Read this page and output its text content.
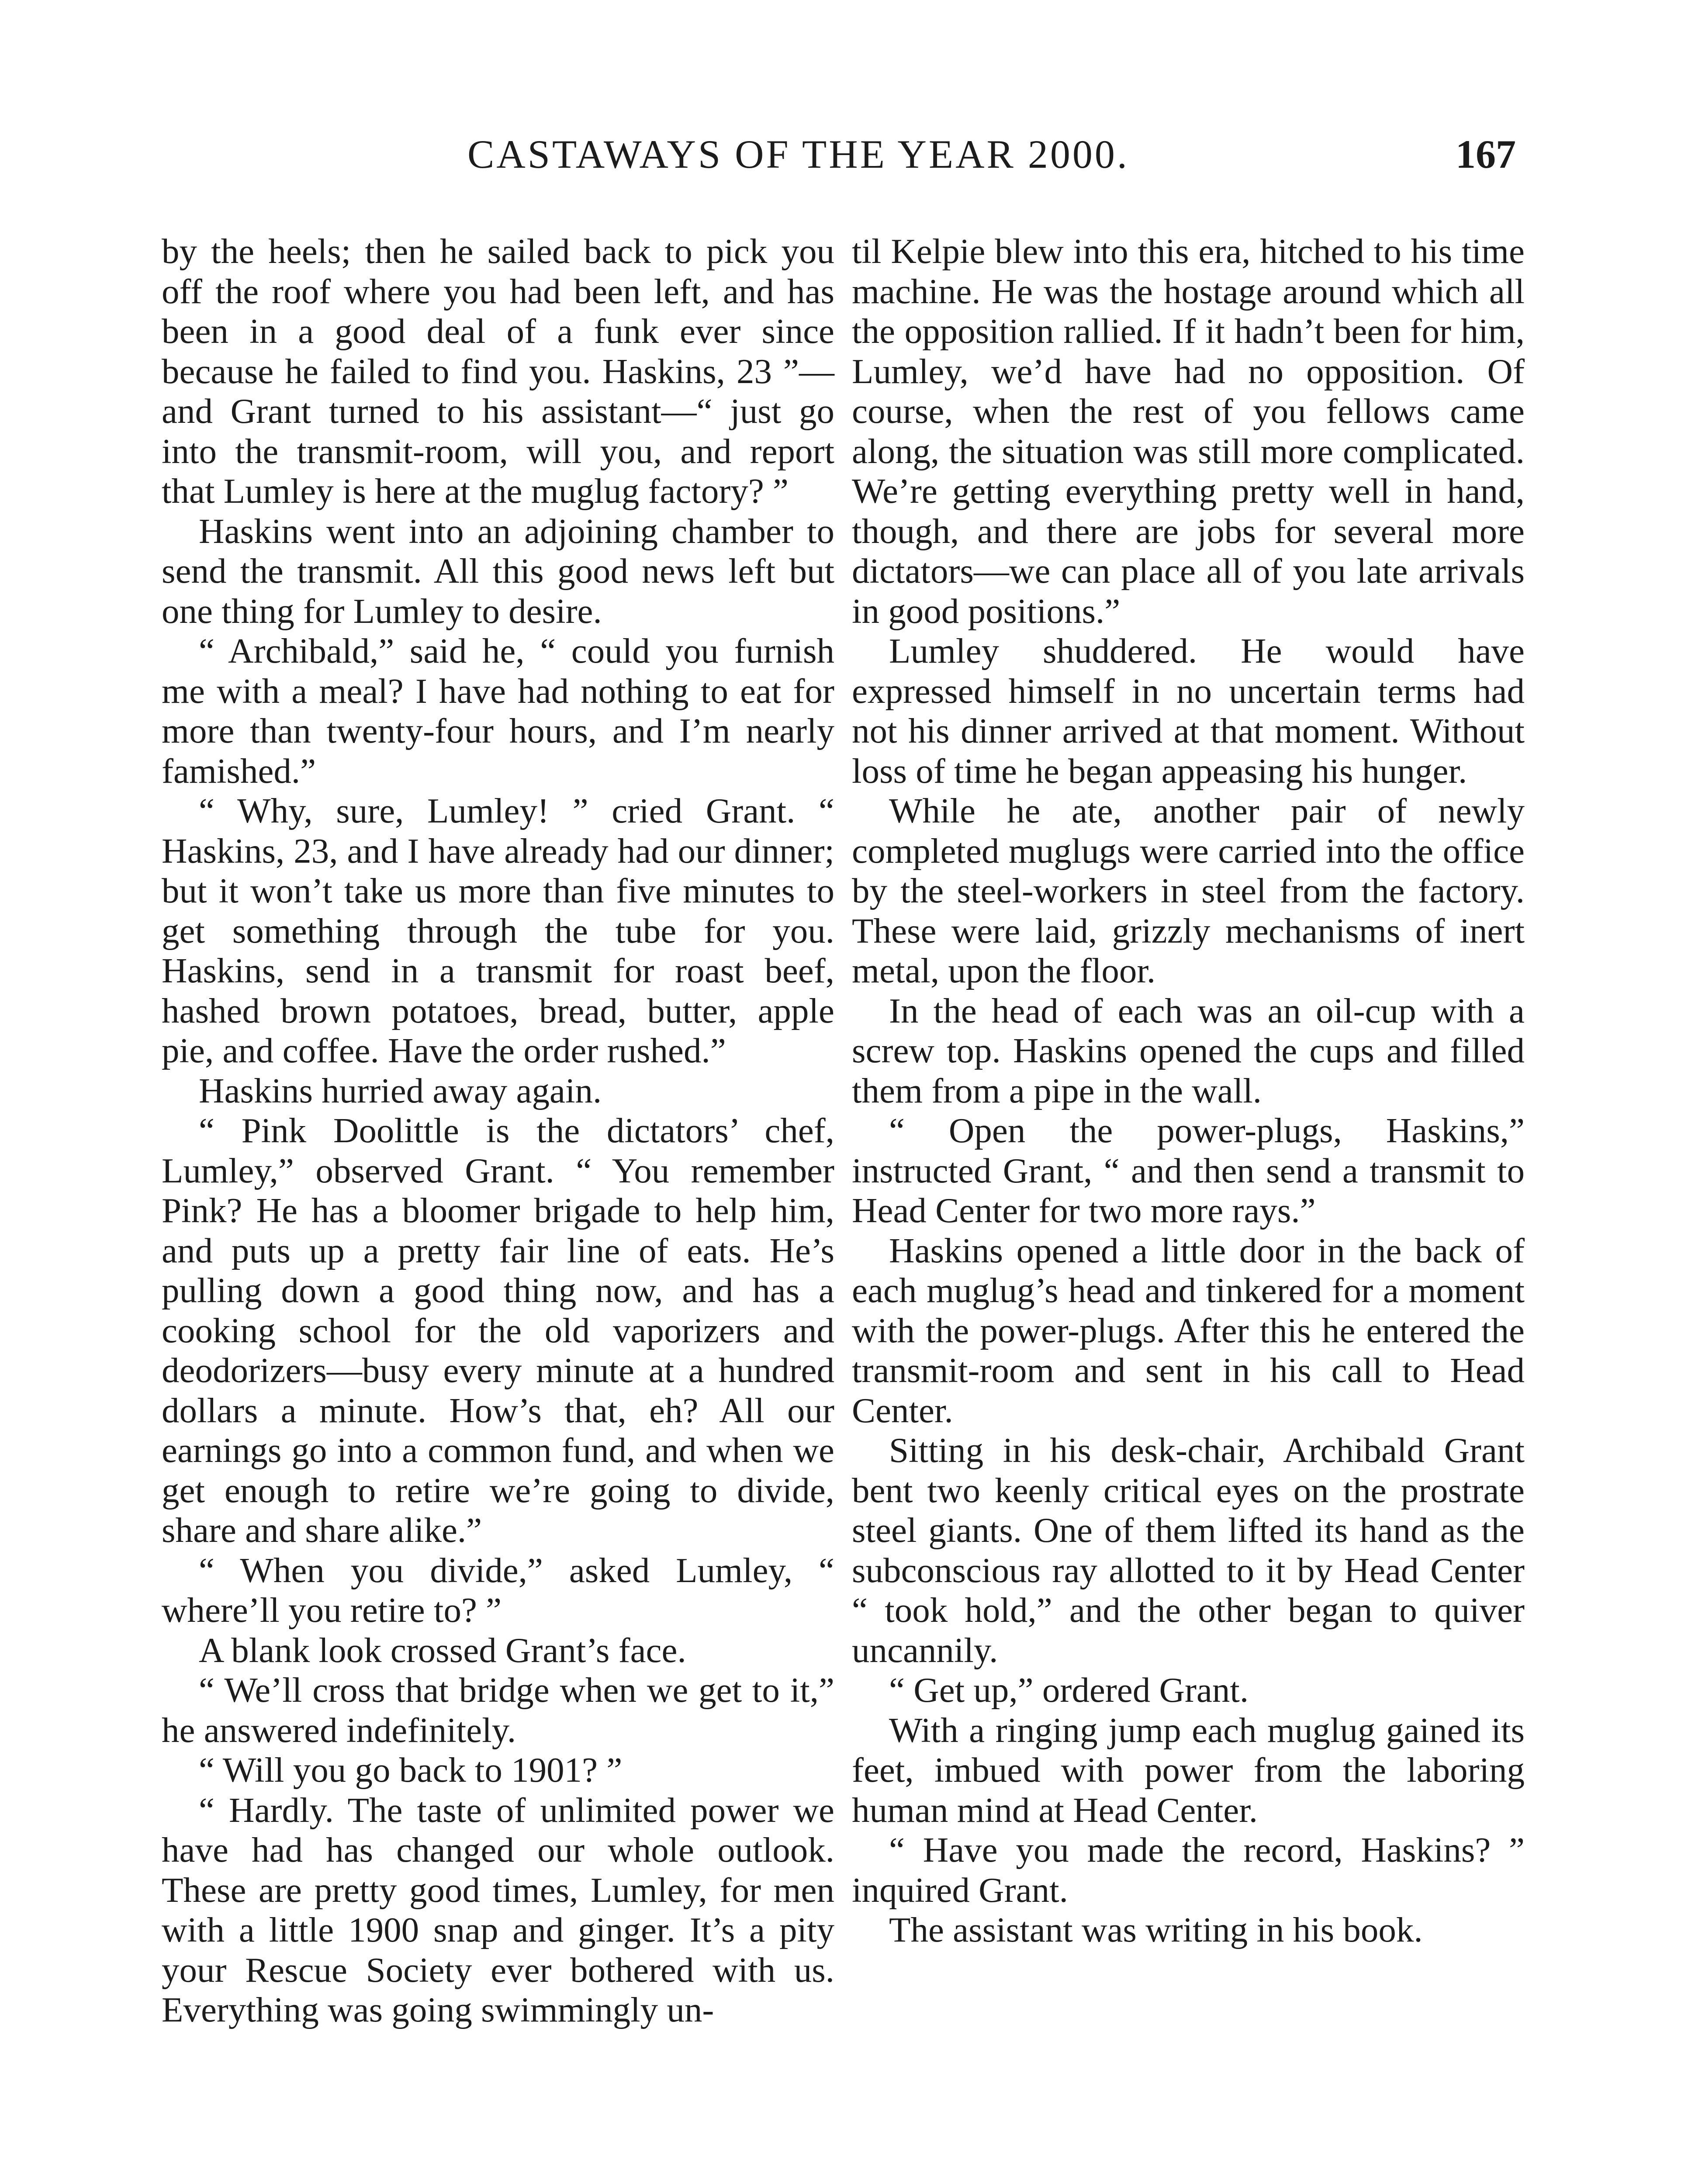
CASTAWAYS OF THE YEAR 2000.	167

by the heels; then he sailed back to pick you off the roof where you had been left, and has been in a good deal of a funk ever since because he failed to find you. Haskins, 23 ”—and Grant turned to his assistant—“ just go into the transmit-room, will you, and report that Lumley is here at the muglug factory? ”

Haskins went into an adjoining chamber to send the transmit. All this good news left but one thing for Lumley to desire.

“ Archibald,” said he, “ could you furnish me with a meal? I have had nothing to eat for more than twenty-four hours, and I’m nearly famished.”

“ Why, sure, Lumley! ” cried Grant. “ Haskins, 23, and I have already had our dinner; but it won’t take us more than five minutes to get something through the tube for you. Haskins, send in a transmit for roast beef, hashed brown potatoes, bread, butter, apple pie, and coffee. Have the order rushed.”

Haskins hurried away again.

“ Pink Doolittle is the dictators’ chef, Lumley,” observed Grant. “ You remember Pink? He has a bloomer brigade to help him, and puts up a pretty fair line of eats. He’s pulling down a good thing now, and has a cooking school for the old vaporizers and deodorizers—busy every minute at a hundred dollars a minute. How’s that, eh? All our earnings go into a common fund, and when we get enough to retire we’re going to divide, share and share alike.”

“ When you divide,” asked Lumley, “ where’ll you retire to? ”

A blank look crossed Grant’s face.

“ We’ll cross that bridge when we get to it,” he answered indefinitely.

“ Will you go back to 1901? ”

“ Hardly. The taste of unlimited power we have had has changed our whole outlook. These are pretty good times, Lumley, for men with a little 1900 snap and ginger. It’s a pity your Rescue Society ever bothered with us. Everything was going swimmingly un-

til Kelpie blew into this era, hitched to his time machine. He was the hostage around which all the opposition rallied. If it hadn’t been for him, Lumley, we’d have had no opposition. Of course, when the rest of you fellows came along, the situation was still more complicated. We’re getting everything pretty well in hand, though, and there are jobs for several more dictators—we can place all of you late arrivals in good positions.”

Lumley shuddered. He would have expressed himself in no uncertain terms had not his dinner arrived at that moment. Without loss of time he began appeasing his hunger.

While he ate, another pair of newly completed muglugs were carried into the office by the steel-workers in steel from the factory. These were laid, grizzly mechanisms of inert metal, upon the floor.

In the head of each was an oil-cup with a screw top. Haskins opened the cups and filled them from a pipe in the wall.

“ Open the power-plugs, Haskins,” instructed Grant, “ and then send a transmit to Head Center for two more rays.”

Haskins opened a little door in the back of each muglug’s head and tinkered for a moment with the power-plugs. After this he entered the transmit-room and sent in his call to Head Center.

Sitting in his desk-chair, Archibald Grant bent two keenly critical eyes on the prostrate steel giants. One of them lifted its hand as the subconscious ray allotted to it by Head Center “ took hold,” and the other began to quiver uncannily.

“ Get up,” ordered Grant.

With a ringing jump each muglug gained its feet, imbued with power from the laboring human mind at Head Center.

“ Have you made the record, Haskins? ” inquired Grant.

The assistant was writing in his book.
